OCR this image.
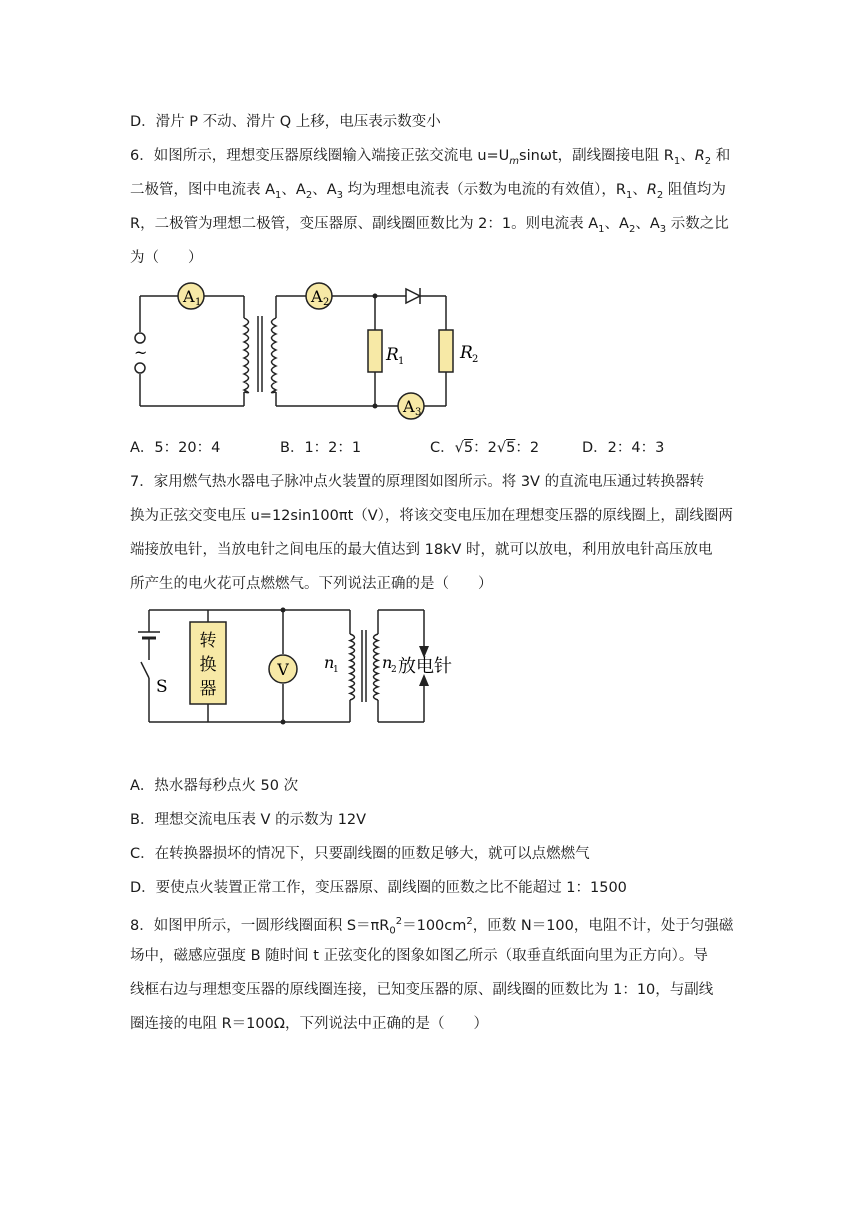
D．滑片 P 不动、滑片 Q 上移，电压表示数变小
6．如图所示，理想变压器原线圈输入端接正弦交流电 $u=U_m\sin\omega t$，副线圈接电阻 $R_1$、$R_2$ 和
二极管，图中电流表 $A_1$、$A_2$、$A_3$ 均为理想电流表（示数为电流的有效值），$R_1$、$R_2$ 阻值均为
R，二极管为理想二极管，变压器原、副线圈匝数比为 2：1。则电流表 $A_1$、$A_2$、$A_3$ 示数之比
为（　　）
A 1	A 2
A 3
R 1	R 2
~
A．5：20：4	B．1：2：1	C．√5：2√5：2	D．2：4：3
7．家用燃气热水器电子脉冲点火装置的原理图如图所示。将 3V 的直流电压通过转换器转
换为正弦交变电压 u=12sin100πt（V），将该交变电压加在理想变压器的原线圈上，副线圈两
端接放电针，当放电针之间电压的最大值达到 18kV 时，就可以放电，利用放电针高压放电
所产生的电火花可点燃燃气。下列说法正确的是（　　）
转
换
器
V
S
n
1	n
2 放电针
A．热水器每秒点火 50 次
B．理想交流电压表 V 的示数为 12V
C．在转换器损坏的情况下，只要副线圈的匝数足够大，就可以点燃燃气
D．要使点火装置正常工作，变压器原、副线圈的匝数之比不能超过 1：1500
8．如图甲所示，一圆形线圈面积 $S=\pi R_0^2=100cm^2$，匝数 N＝100，电阻不计，处于匀强磁
场中，磁感应强度 B 随时间 t 正弦变化的图象如图乙所示（取垂直纸面向里为正方向）。导
线框右边与理想变压器的原线圈连接，已知变压器的原、副线圈的匝数比为 1：10，与副线
圈连接的电阻 R＝100Ω，下列说法中正确的是（　　）
